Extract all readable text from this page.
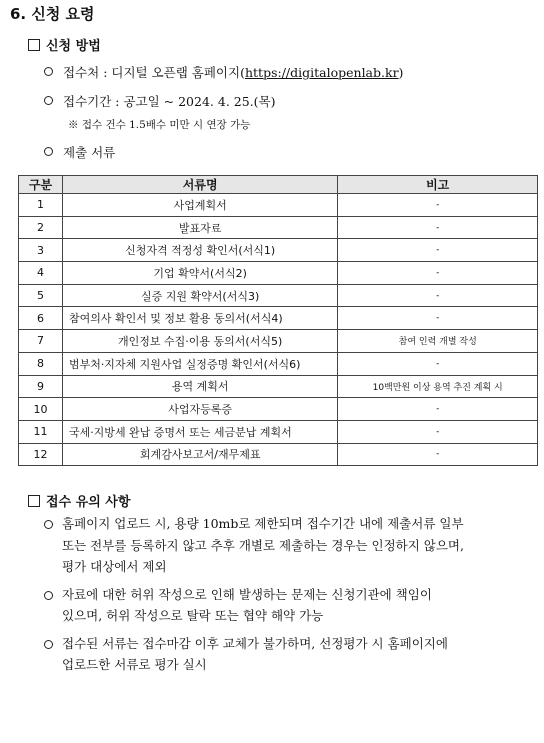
6. 신청 요령
신청 방법
접수처 : 디지털 오픈랩 홈페이지(https://digitalopenlab.kr)
접수기간 : 공고일 ~ 2024. 4. 25.(목)
※ 접수 건수 1.5배수 미만 시 연장 가능
제출 서류
구분	서류명	비고
1	사업계획서	-
2	발표자료	-
3	신청자격 적정성 확인서(서식1)	-
4	기업 확약서(서식2)	-
5	실증 지원 확약서(서식3)	-
6	참여의사 확인서 및 정보 활용 동의서(서식4)	-
7	개인정보 수집·이용 동의서(서식5)	참여 인력 개별 작성
8	범부처·지자체 지원사업 실정증명 확인서(서식6)	-
9	용역 계획서	10백만원 이상 용역 추진 계획 시
10	사업자등록증	-
11	국세·지방세 완납 증명서 또는 세금분납 계획서	-
12	회계감사보고서/재무제표	-
접수 유의 사항
홈페이지 업로드 시, 용량 10mb로 제한되며 접수기간 내에 제출서류 일부
또는 전부를 등록하지 않고 추후 개별로 제출하는 경우는 인정하지 않으며,
평가 대상에서 제외
자료에 대한 허위 작성으로 인해 발생하는 문제는 신청기관에 책임이
있으며, 허위 작성으로 탈락 또는 협약 해약 가능
접수된 서류는 접수마감 이후 교체가 불가하며, 선정평가 시 홈페이지에
업로드한 서류로 평가 실시
